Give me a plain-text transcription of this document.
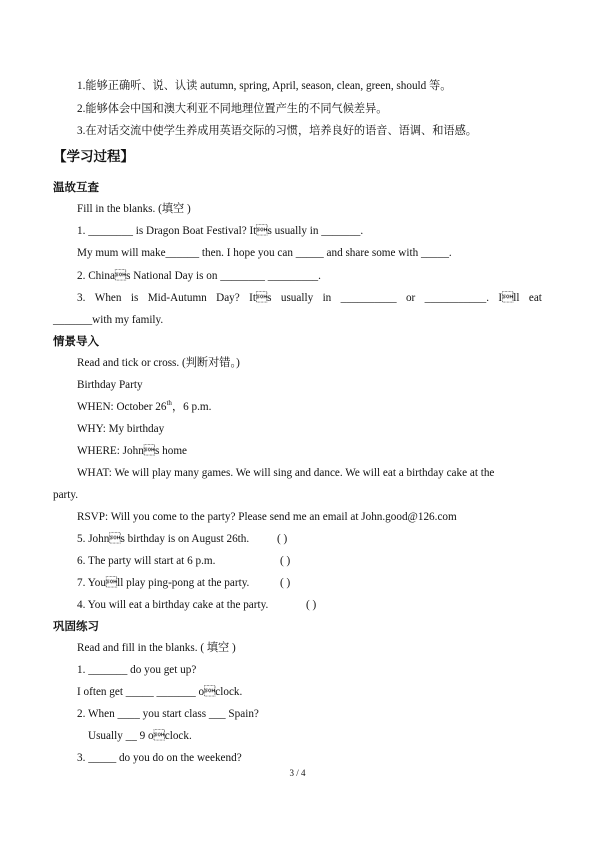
1.能够正确听、说、认读 autumn, spring, April, season, clean, green, should 等。
2.能够体会中国和澳大利亚不同地理位置产生的不同气候差异。
3.在对话交流中使学生养成用英语交际的习惯，培养良好的语音、语调、和语感。
【学习过程】
温故互查
Fill in the blanks. (填空 )
1. ________ is Dragon Boat Festival? Its usually in _______.
My mum will make______ then. I hope you can _____ and share some with _____.
2. Chinas National Day is on ________ _________.
3. When is Mid-Autumn Day? Its usually in __________ or ___________. Ill eat
_______with my family.
情景导入
Read and tick or cross. (判断对错。)
Birthday Party
WHEN: October 26th，6 p.m.
WHY: My birthday
WHERE: Johns home
WHAT: We will play many games. We will sing and dance. We will eat a birthday cake at the
party.
RSVP: Will you come to the party? Please send me an email at John.good@126.com
5. Johns birthday is on August 26th. ( )
6. The party will start at 6 p.m.	( )
7. Youll play ping-pong at the party.	( )
4. You will eat a birthday cake at the party.	( )
巩固练习
Read and fill in the blanks. ( 填空 )
1. _______ do you get up?
I often get _____ _______ oclock.
2. When ____ you start class ___ Spain?
Usually __ 9 oclock.
3. _____ do you do on the weekend?
3 / 4
